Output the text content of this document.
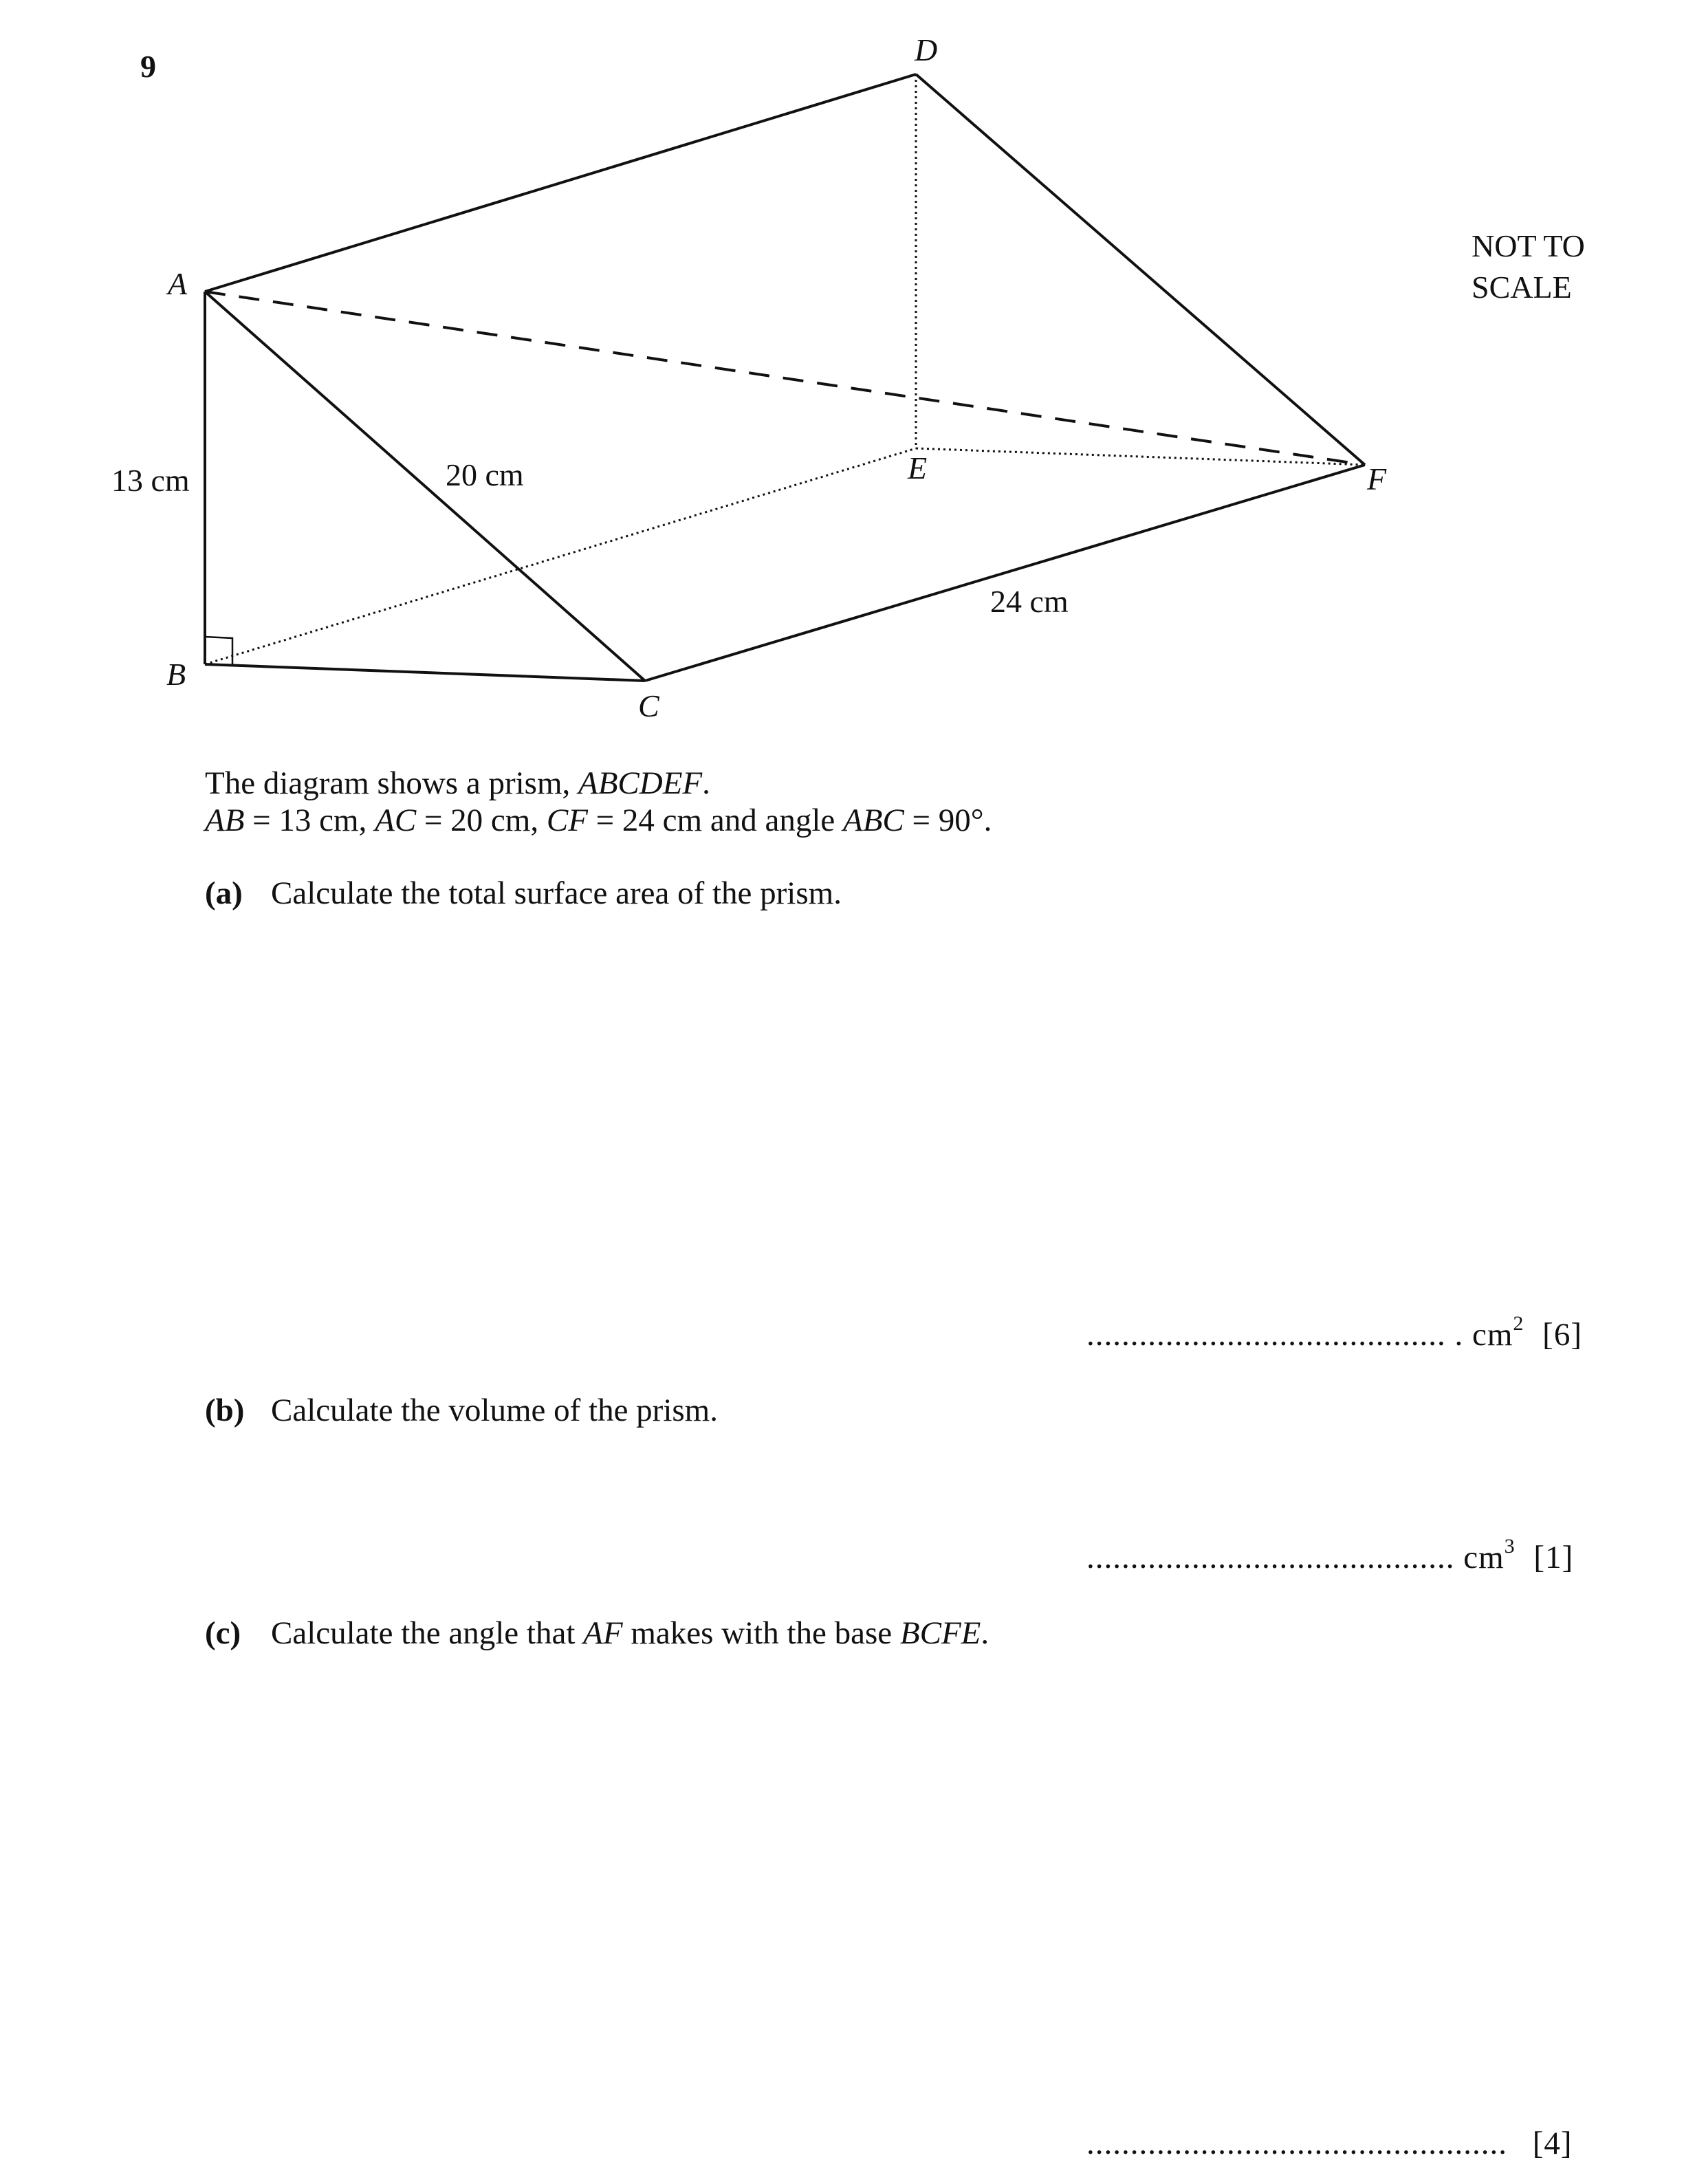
9
A
B
C
D
E	F
13 cm	20 cm
24 cm
NOT TO
SCALE
The diagram shows a prism, ABCDEF.
AB = 13 cm, AC = 20 cm, CF = 24 cm and angle ABC = 90°.
(a) Calculate the total surface area of the prism.
......................................... . $cm^2$ [6]
(b) Calculate the volume of the prism.
.......................................... $cm^3$ [1]
(c) Calculate the angle that AF makes with the base BCFE.
................................................ [4]
